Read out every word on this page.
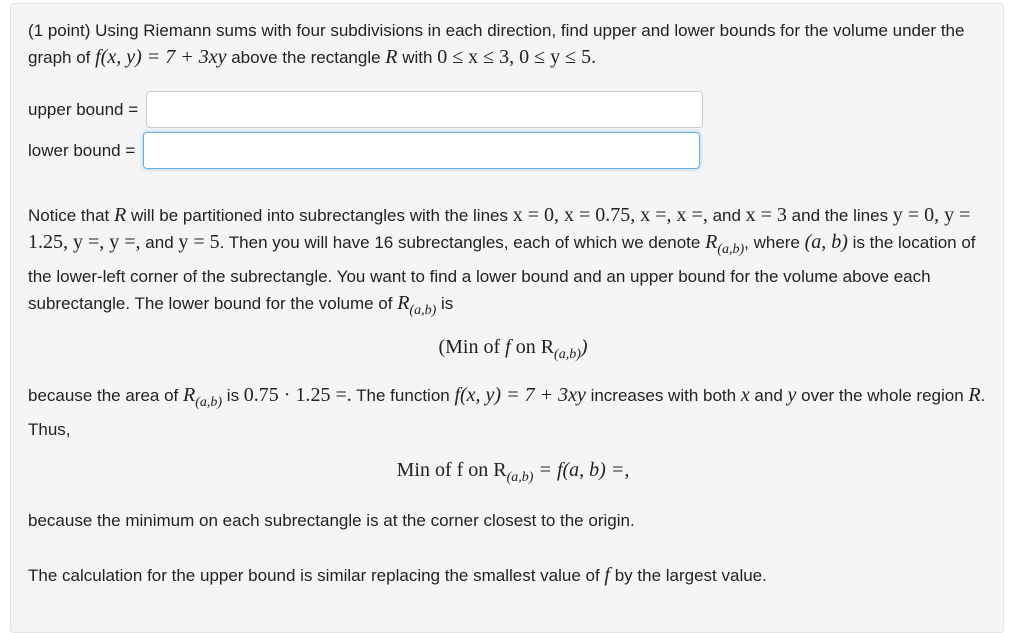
(1 point) Using Riemann sums with four subdivisions in each direction, find upper and lower bounds for the volume under the graph of f(x, y) = 7 + 3xy above the rectangle R with 0 ≤ x ≤ 3, 0 ≤ y ≤ 5.
upper bound =
lower bound =
Notice that R will be partitioned into subrectangles with the lines x = 0, x = 0.75, x =, x =, and x = 3 and the lines y = 0, y = 1.25, y =, y =, and y = 5. Then you will have 16 subrectangles, each of which we denote $R_{(a,b)}$, where (a, b) is the location of the lower-left corner of the subrectangle. You want to find a lower bound and an upper bound for the volume above each subrectangle. The lower bound for the volume of $R_{(a,b)}$ is
(Min of f on $R_{(a,b)}$)
because the area of $R_{(a,b)}$ is 0.75 · 1.25 =. The function f(x, y) = 7 + 3xy increases with both x and y over the whole region R. Thus,
Min of f on $R_{(a,b)} = f(a$, b) =,
because the minimum on each subrectangle is at the corner closest to the origin.
The calculation for the upper bound is similar replacing the smallest value of f by the largest value.
